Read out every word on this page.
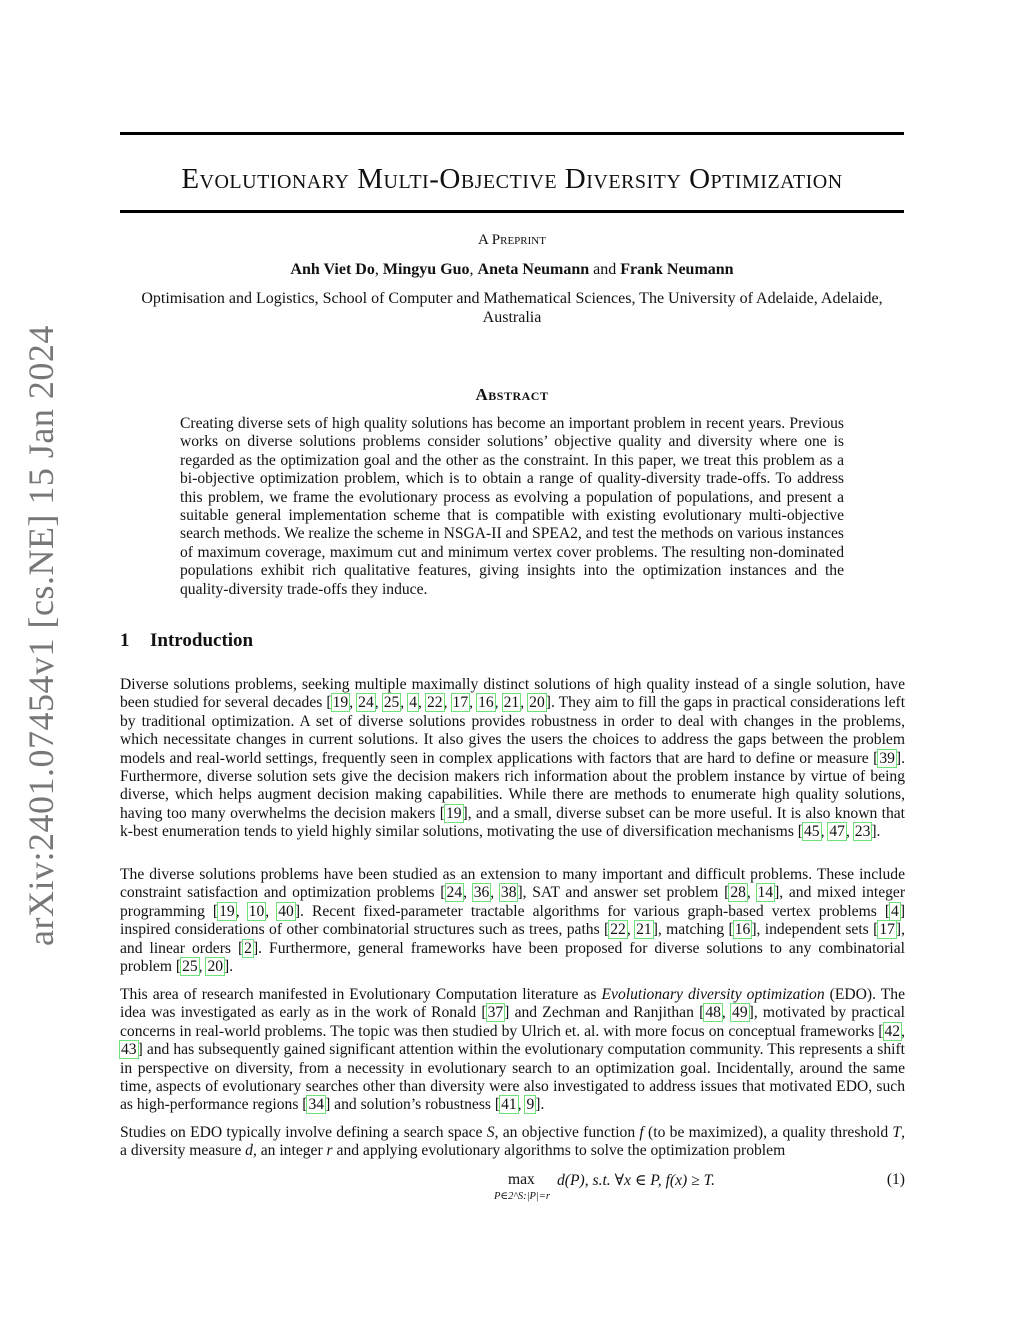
Evolutionary Multi-Objective Diversity Optimization
A Preprint
Anh Viet Do, Mingyu Guo, Aneta Neumann and Frank Neumann
Optimisation and Logistics, School of Computer and Mathematical Sciences, The University of Adelaide, Adelaide, Australia
arXiv:2401.07454v1 [cs.NE] 15 Jan 2024	Abstract
Creating diverse sets of high quality solutions has become an important problem in recent years. Previous works on diverse solutions problems consider solutions’ objective quality and diversity where one is regarded as the optimization goal and the other as the constraint. In this paper, we treat this problem as a bi-objective optimization problem, which is to obtain a range of quality-diversity trade-offs. To address this problem, we frame the evolutionary process as evolving a population of populations, and present a suitable general implementation scheme that is compatible with existing evolutionary multi-objective search methods. We realize the scheme in NSGA-II and SPEA2, and test the methods on various instances of maximum coverage, maximum cut and minimum vertex cover problems. The resulting non-dominated populations exhibit rich qualitative features, giving insights into the optimization instances and the quality-diversity trade-offs they induce.
1 Introduction
Diverse solutions problems, seeking multiple maximally distinct solutions of high quality instead of a single solution, have been studied for several decades [19, 24, 25, 4, 22, 17, 16, 21, 20]. They aim to fill the gaps in practical considerations left by traditional optimization. A set of diverse solutions provides robustness in order to deal with changes in the problems, which necessitate changes in current solutions. It also gives the users the choices to address the gaps between the problem models and real-world settings, frequently seen in complex applications with factors that are hard to define or measure [39]. Furthermore, diverse solution sets give the decision makers rich information about the problem instance by virtue of being diverse, which helps augment decision making capabilities. While there are methods to enumerate high quality solutions, having too many overwhelms the decision makers [19], and a small, diverse subset can be more useful. It is also known that k-best enumeration tends to yield highly similar solutions, motivating the use of diversification mechanisms [45, 47, 23].
The diverse solutions problems have been studied as an extension to many important and difficult problems. These include constraint satisfaction and optimization problems [24, 36, 38], SAT and answer set problem [28, 14], and mixed integer programming [19, 10, 40]. Recent fixed-parameter tractable algorithms for various graph-based vertex problems [4] inspired considerations of other combinatorial structures such as trees, paths [22, 21], matching [16], independent sets [17], and linear orders [2]. Furthermore, general frameworks have been proposed for diverse solutions to any combinatorial problem [25, 20].
This area of research manifested in Evolutionary Computation literature as Evolutionary diversity optimization (EDO). The idea was investigated as early as in the work of Ronald [37] and Zechman and Ranjithan [48, 49], motivated by practical concerns in real-world problems. The topic was then studied by Ulrich et. al. with more focus on conceptual frameworks [42, 43] and has subsequently gained significant attention within the evolutionary computation community. This represents a shift in perspective on diversity, from a necessity in evolutionary search to an optimization goal. Incidentally, around the same time, aspects of evolutionary searches other than diversity were also investigated to address issues that motivated EDO, such as high-performance regions [34] and solution’s robustness [41, 9].
Studies on EDO typically involve defining a search space S, an objective function f (to be maximized), a quality threshold T, a diversity measure d, an integer r and applying evolutionary algorithms to solve the optimization problem
max
P∈2^S:|P|=r
d(P), s.t. ∀x ∈ P, f(x) ≥ T.	(1)
